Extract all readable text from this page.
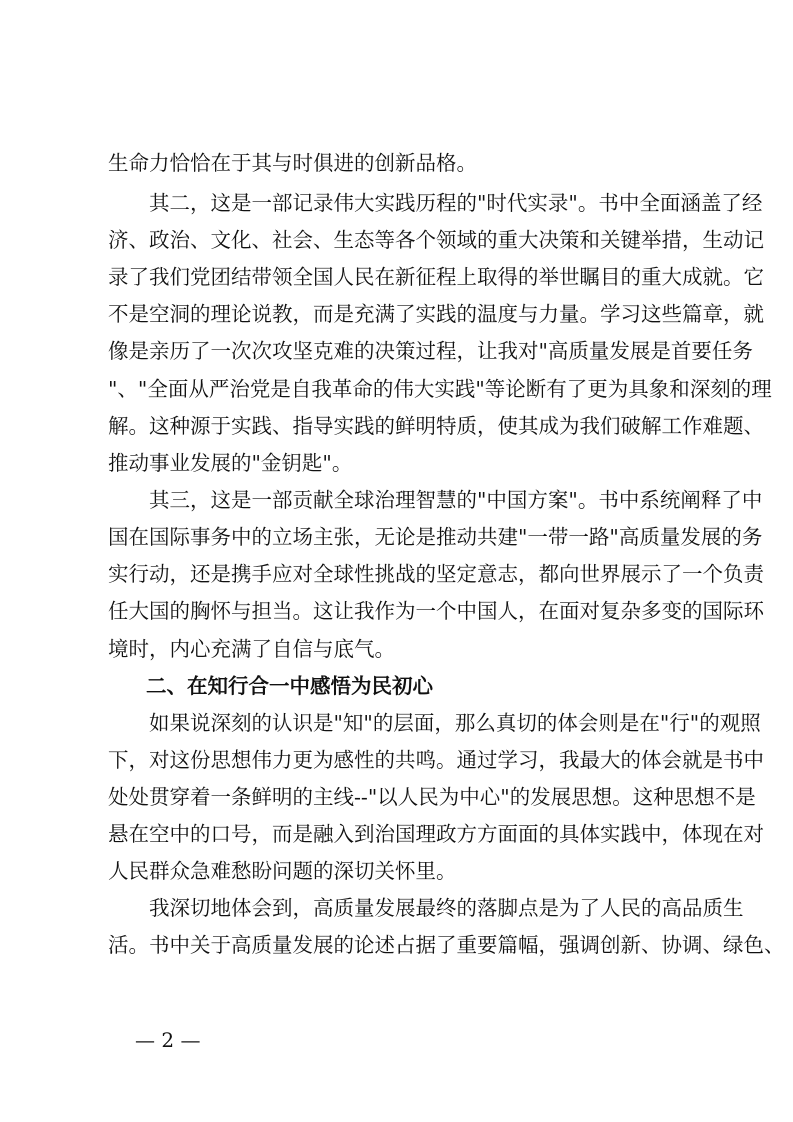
生命力恰恰在于其与时俱进的创新品格。
　　其二，这是一部记录伟大实践历程的"时代实录"。书中全面涵盖了经
济、政治、文化、社会、生态等各个领域的重大决策和关键举措，生动记
录了我们党团结带领全国人民在新征程上取得的举世瞩目的重大成就。它
不是空洞的理论说教，而是充满了实践的温度与力量。学习这些篇章，就
像是亲历了一次次攻坚克难的决策过程，让我对"高质量发展是首要任务
"、"全面从严治党是自我革命的伟大实践"等论断有了更为具象和深刻的理
解。这种源于实践、指导实践的鲜明特质，使其成为我们破解工作难题、
推动事业发展的"金钥匙"。
　　其三，这是一部贡献全球治理智慧的"中国方案"。书中系统阐释了中
国在国际事务中的立场主张，无论是推动共建"一带一路"高质量发展的务
实行动，还是携手应对全球性挑战的坚定意志，都向世界展示了一个负责
任大国的胸怀与担当。这让我作为一个中国人，在面对复杂多变的国际环
境时，内心充满了自信与底气。
二、在知行合一中感悟为民初心
　　如果说深刻的认识是"知"的层面，那么真切的体会则是在"行"的观照
下，对这份思想伟力更为感性的共鸣。通过学习，我最大的体会就是书中
处处贯穿着一条鲜明的主线--"以人民为中心"的发展思想。这种思想不是
悬在空中的口号，而是融入到治国理政方方面面的具体实践中，体现在对
人民群众急难愁盼问题的深切关怀里。
　　我深切地体会到，高质量发展最终的落脚点是为了人民的高品质生
活。书中关于高质量发展的论述占据了重要篇幅，强调创新、协调、绿色、
— 2 —
